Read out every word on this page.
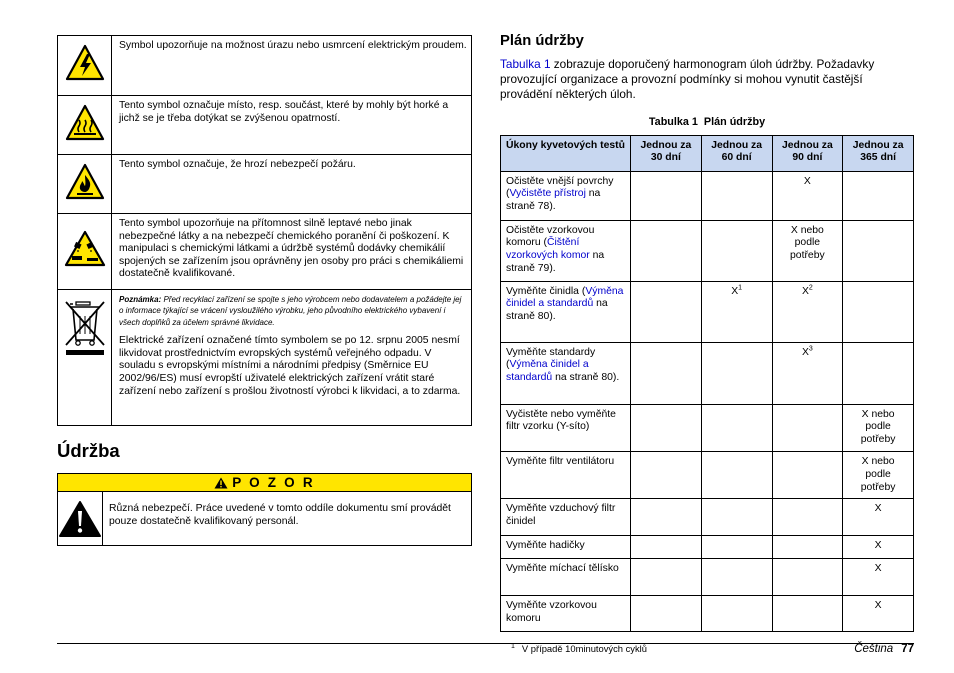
	Symbol upozorňuje na možnost úrazu nebo usmrcení elektrickým proudem.
	Tento symbol označuje místo, resp. součást, které by mohly být horké a jichž se je třeba dotýkat se zvýšenou opatrností.
	Tento symbol označuje, že hrozí nebezpečí požáru.
	Tento symbol upozorňuje na přítomnost silně leptavé nebo jinak nebezpečné látky a na nebezpečí chemického poranění či poškození. K manipulaci s chemickými látkami a údržbě systémů dodávky chemikálií spojených se zařízením jsou oprávněny jen osoby pro práci s chemikáliemi dostatečně kvalifikované.

Poznámka: Před recyklací zařízení se spojte s jeho výrobcem nebo dodavatelem a požádejte jej o informace týkající se vrácení vysloužilého výrobku, jeho původního elektrického vybavení i všech doplňků za účelem správné likvidace.
Elektrické zařízení označené tímto symbolem se po 12. srpnu 2005 nesmí likvidovat prostřednictvím evropských systémů veřejného odpadu. V souladu s evropskými místními a národními předpisy (Směrnice EU 2002/96/ES) musí evropští uživatelé elektrických zařízení vrátit staré zařízení nebo zařízení s prošlou životností výrobci k likvidaci, a to zdarma.
Údržba
P O Z O R
Různá nebezpečí. Práce uvedené v tomto oddíle dokumentu smí provádět pouze dostatečně kvalifikovaný personál.
Plán údržby
Tabulka 1 zobrazuje doporučený harmonogram úloh údržby. Požadavky provozující organizace a provozní podmínky si mohou vynutit častější provádění některých úloh.
Tabulka 1 Plán údržby
Úkony kyvetových testů	Jednou za 30 dní	Jednou za 60 dní	Jednou za 90 dní	Jednou za 365 dní
Očistěte vnější povrchy (Vyčistěte přístroj na straně 78).			X	
Očistěte vzorkovou komoru (Čištění vzorkových komor na straně 79).			X nebo podle potřeby	
Vyměňte činidla (Výměna činidel a standardů na straně 80).		$X^1$	$X^2$	
Vyměňte standardy (Výměna činidel a standardů na straně 80).			$X^3$	
Vyčistěte nebo vyměňte filtr vzorku (Y-síto)				X nebo podle potřeby
Vyměňte filtr ventilátoru				X nebo podle potřeby
Vyměňte vzduchový filtr činidel				X
Vyměňte hadičky				X
Vyměňte míchací tělísko				X
Vyměňte vzorkovou komoru				X
$^1$ V případě 10minutových cyklů	Čeština 77
